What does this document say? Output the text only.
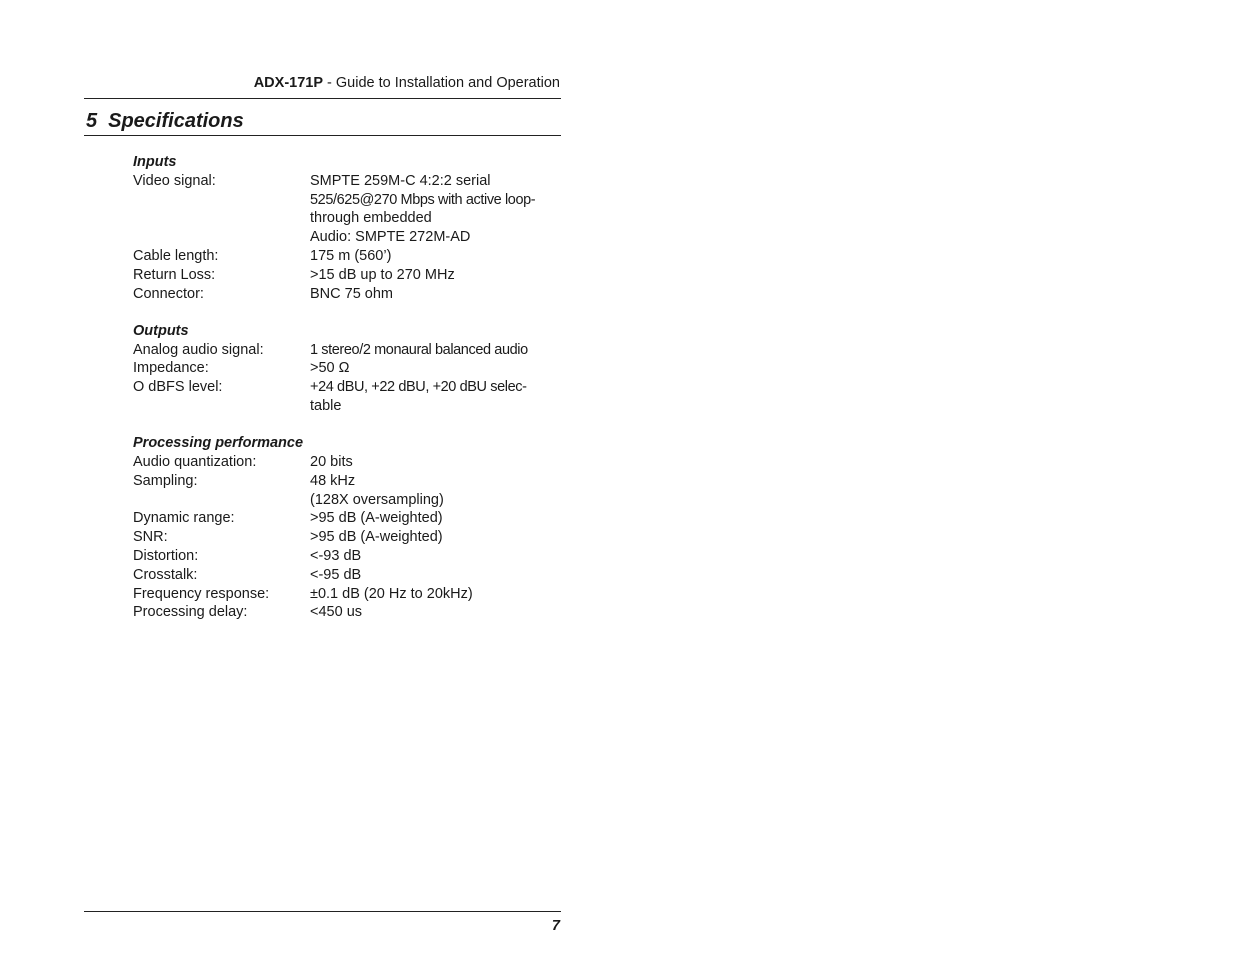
ADX-171P - Guide to Installation and Operation
5 Specifications
Inputs
Video signal:	SMPTE 259M-C 4:2:2 serial
525/625@270 Mbps with active loop-
through embedded
Audio: SMPTE 272M-AD
Cable length:	175 m (560’)
Return Loss:	>15 dB up to 270 MHz
Connector:	BNC 75 ohm
Outputs
Analog audio signal:	1 stereo/2 monaural balanced audio
Impedance:	>50 Ω
O dBFS level:	+24 dBU, +22 dBU, +20 dBU selec-
table
Processing performance
Audio quantization:	20 bits
Sampling:	48 kHz
(128X oversampling)
Dynamic range:	>95 dB (A-weighted)
SNR:	>95 dB (A-weighted)
Distortion:	<-93 dB
Crosstalk:	<-95 dB
Frequency response:	±0.1 dB (20 Hz to 20kHz)
Processing delay:	<450 us
7
